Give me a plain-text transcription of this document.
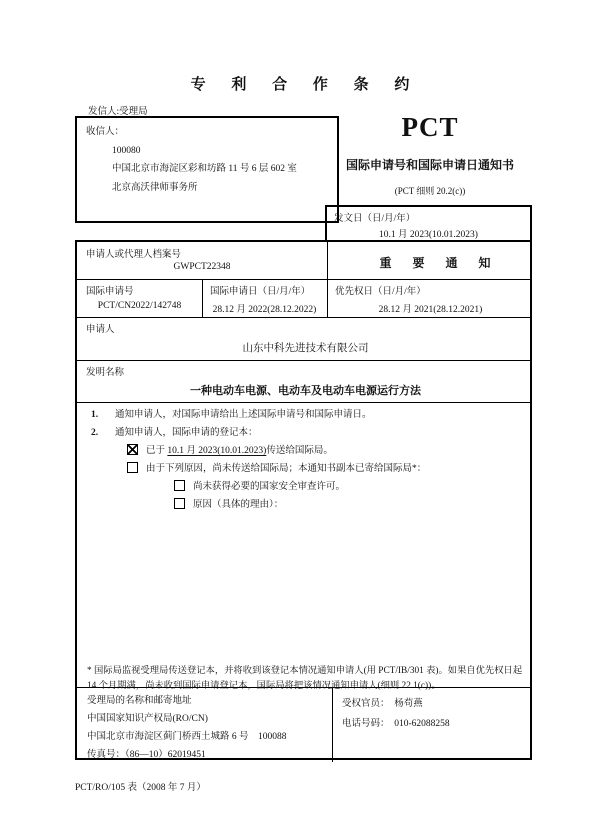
专 利 合 作 条 约
发信人:受理局
收信人：
100080
中国北京市海淀区彩和坊路 11 号 6 层 602 室
北京高沃律师事务所
PCT
国际申请号和国际申请日通知书
(PCT 细则 20.2(c))
发文日（日/月/年）
10.1 月 2023(10.01.2023)
申请人或代理人档案号
GWPCT22348	重 要 通 知
国际申请号
PCT/CN2022/142748
国际申请日（日/月/年）
28.12 月 2022(28.12.2022)
优先权日（日/月/年）
28.12 月 2021(28.12.2021)
申请人
山东中科先进技术有限公司
发明名称
一种电动车电源、电动车及电动车电源运行方法
1. 通知申请人，对国际申请给出上述国际申请号和国际申请日。
2. 通知申请人，国际申请的登记本：
已于 10.1 月 2023(10.01.2023)传送给国际局。
由于下列原因，尚未传送给国际局；本通知书副本已寄给国际局*：
尚未获得必要的国家安全审查许可。
原因（具体的理由）：
* 国际局监视受理局传送登记本，并将收到该登记本情况通知申请人(用 PCT/IB/301 表)。如果自优先权日起 14 个月期满，尚未收到国际申请登记本，国际局将把该情况通知申请人(细则 22.1(c))。
受理局的名称和邮寄地址
中国国家知识产权局(RO/CN)
中国北京市海淀区蓟门桥西土城路 6 号　100088
传真号：（86—10）62019451
受权官员： 杨苟燕
电话号码： 010-62088258
PCT/RO/105 表（2008 年 7 月）
